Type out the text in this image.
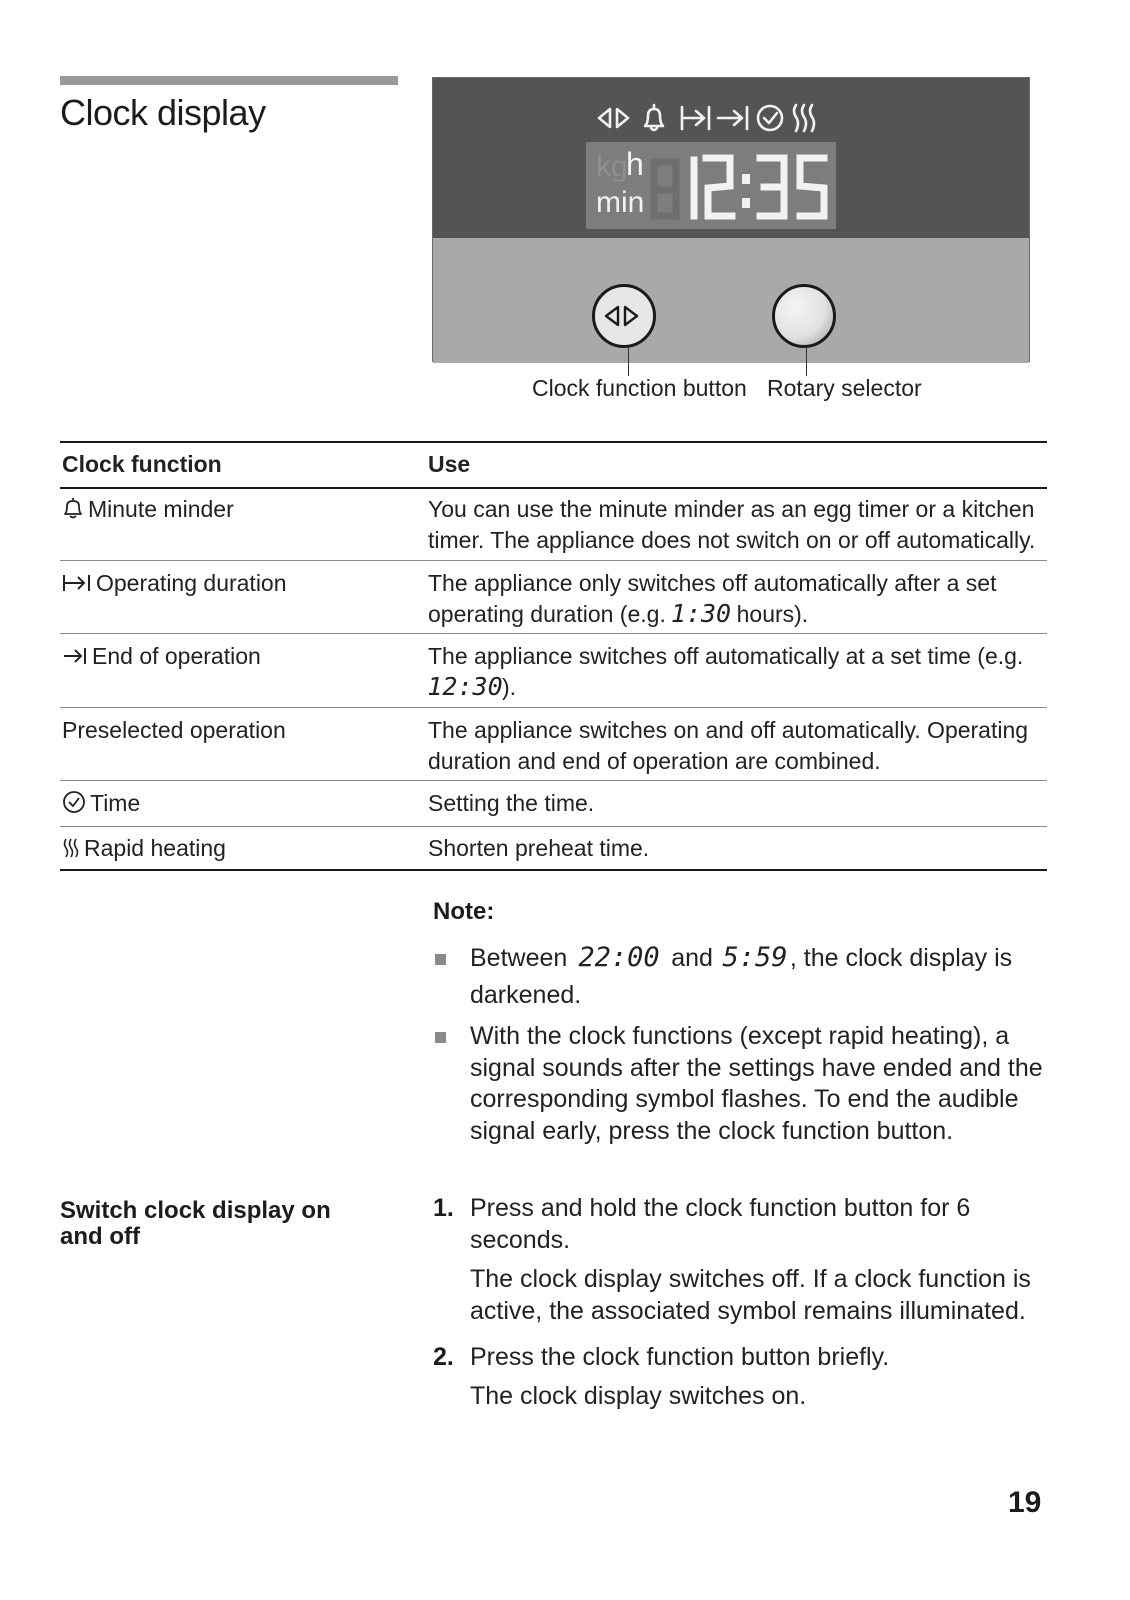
Clock display
kg
h
min
12:35
Clock function button Rotary selector
Clock function	Use
Minute minder	You can use the minute minder as an egg timer or a kitchen timer. The appliance does not switch on or off automatically.
Operating duration	The appliance only switches off automatically after a set operating duration (e.g.
1:30
hours).
End of operation	The appliance switches off automatically at a set time (e.g.
12:30 ).
Preselected operation	The appliance switches on and off automatically. Operating duration and end of operation are combined.
Time	Setting the time.
Rapid heating	Shorten preheat time.
Note:
Between 22:00 and 5:59 , the clock display is darkened.
With the clock functions (except rapid heating), a signal sounds after the settings have ended and the corresponding symbol flashes. To end the audible signal early, press the clock function button.
Switch clock display on and off
1. Press and hold the clock function button for 6 seconds.
The clock display switches off. If a clock function is active, the associated symbol remains illuminated.
2. Press the clock function button briefly.
The clock display switches on.
19
